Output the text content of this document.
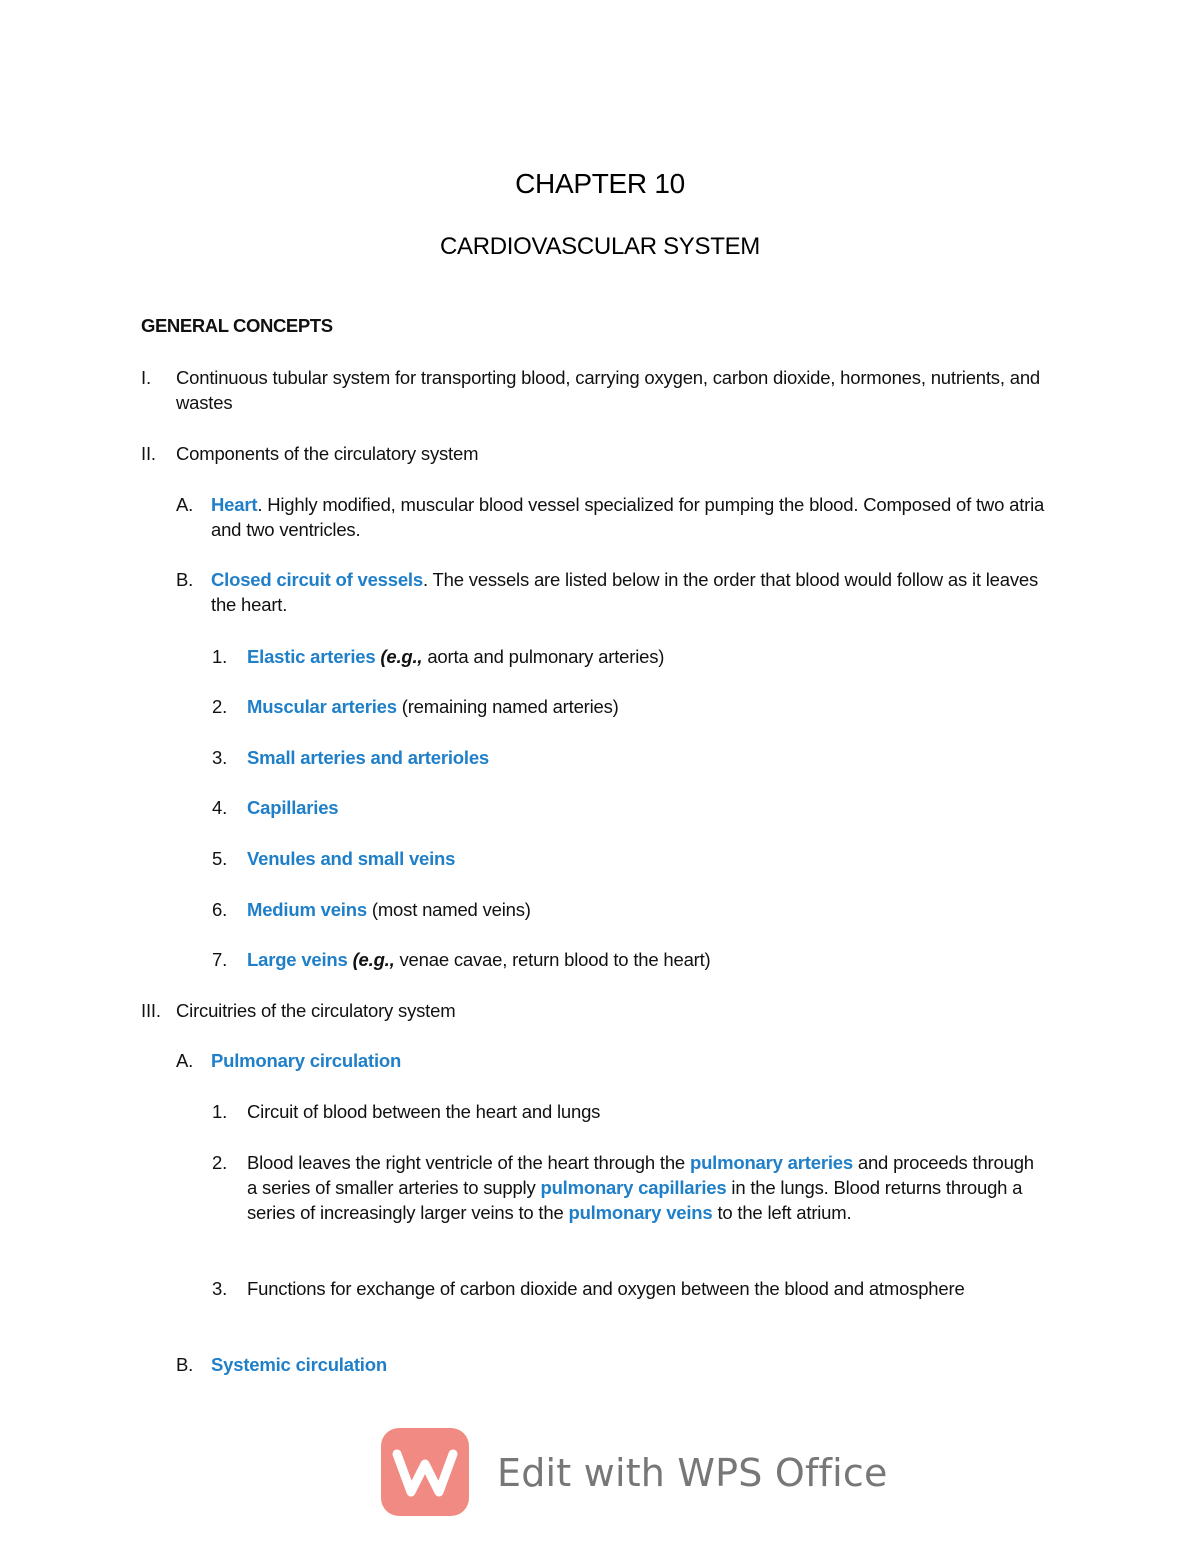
CHAPTER 10
CARDIOVASCULAR SYSTEM
GENERAL CONCEPTS
I. Continuous tubular system for transporting blood, carrying oxygen, carbon dioxide, hormones, nutrients, and wastes
II. Components of the circulatory system
A. Heart. Highly modified, muscular blood vessel specialized for pumping the blood. Composed of two atria and two ventricles.
B. Closed circuit of vessels. The vessels are listed below in the order that blood would follow as it leaves the heart.
1. Elastic arteries (e.g., aorta and pulmonary arteries)
2. Muscular arteries (remaining named arteries)
3. Small arteries and arterioles
4. Capillaries
5. Venules and small veins
6. Medium veins (most named veins)
7. Large veins (e.g., venae cavae, return blood to the heart)
III. Circuitries of the circulatory system
A. Pulmonary circulation
1. Circuit of blood between the heart and lungs
2. Blood leaves the right ventricle of the heart through the pulmonary arteries and proceeds through a series of smaller arteries to supply pulmonary capillaries in the lungs. Blood returns through a series of increasingly larger veins to the pulmonary veins to the left atrium.
3. Functions for exchange of carbon dioxide and oxygen between the blood and atmosphere
B. Systemic circulation
Edit with WPS Office
